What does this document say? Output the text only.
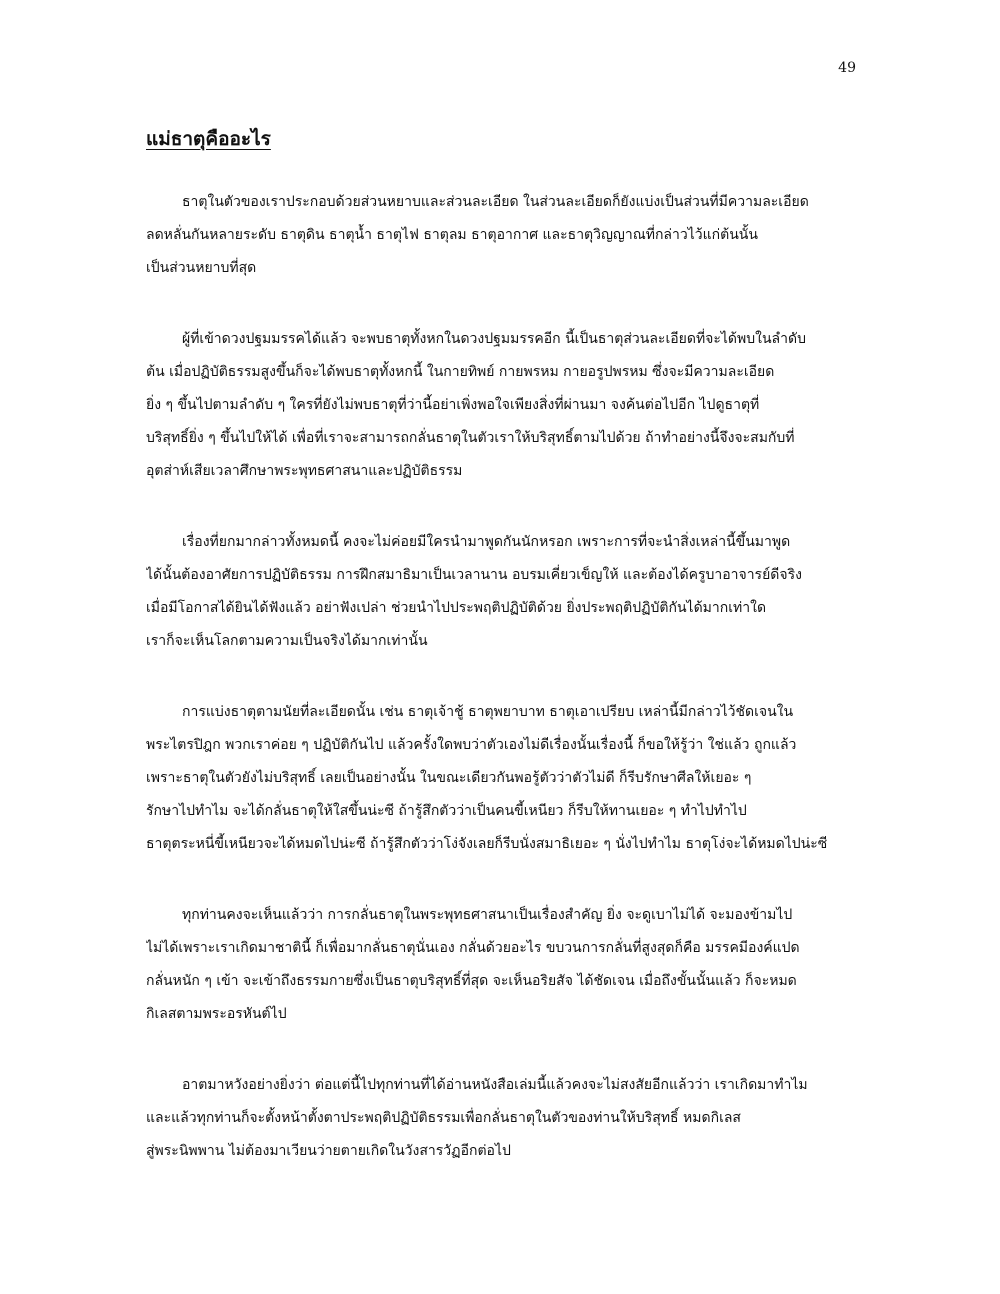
49
แม่ธาตุคืออะไร
ธาตุในตัวของเราประกอบด้วยส่วนหยาบและส่วนละเอียด ในส่วนละเอียดก็ยังแบ่งเป็นส่วนที่มีความละเอียด
ลดหลั่นกันหลายระดับ ธาตุดิน ธาตุน้ำ ธาตุไฟ ธาตุลม ธาตุอากาศ และธาตุวิญญาณที่กล่าวไว้แก่ต้นนั้น
เป็นส่วนหยาบที่สุด
ผู้ที่เข้าดวงปฐมมรรคได้แล้ว จะพบธาตุทั้งหกในดวงปฐมมรรคอีก นี้เป็นธาตุส่วนละเอียดที่จะได้พบในลำดับ
ต้น เมื่อปฏิบัติธรรมสูงขึ้นก็จะได้พบธาตุทั้งหกนี้ ในกายทิพย์ กายพรหม กายอรูปพรหม ซึ่งจะมีความละเอียด
ยิ่ง ๆ ขึ้นไปตามลำดับ ๆ ใครที่ยังไม่พบธาตุที่ว่านี้อย่าเพิ่งพอใจเพียงสิ่งที่ผ่านมา จงค้นต่อไปอีก ไปดูธาตุที่
บริสุทธิ์ยิ่ง ๆ ขึ้นไปให้ได้ เพื่อที่เราจะสามารถกลั่นธาตุในตัวเราให้บริสุทธิ์ตามไปด้วย ถ้าทำอย่างนี้จึงจะสมกับที่
อุตส่าห์เสียเวลาศึกษาพระพุทธศาสนาและปฏิบัติธรรม
เรื่องที่ยกมากล่าวทั้งหมดนี้ คงจะไม่ค่อยมีใครนำมาพูดกันนักหรอก เพราะการที่จะนำสิ่งเหล่านี้ขึ้นมาพูด
ได้นั้นต้องอาศัยการปฏิบัติธรรม การฝึกสมาธิมาเป็นเวลานาน อบรมเคี่ยวเข็ญให้ และต้องได้ครูบาอาจารย์ดีจริง
เมื่อมีโอกาสได้ยินได้ฟังแล้ว อย่าฟังเปล่า ช่วยนำไปประพฤติปฏิบัติด้วย ยิ่งประพฤติปฏิบัติกันได้มากเท่าใด
เราก็จะเห็นโลกตามความเป็นจริงได้มากเท่านั้น
การแบ่งธาตุตามนัยที่ละเอียดนั้น เช่น ธาตุเจ้าชู้ ธาตุพยาบาท ธาตุเอาเปรียบ เหล่านี้มีกล่าวไว้ชัดเจนใน
พระไตรปิฎก พวกเราค่อย ๆ ปฏิบัติกันไป แล้วครั้งใดพบว่าตัวเองไม่ดีเรื่องนั้นเรื่องนี้ ก็ขอให้รู้ว่า ใช่แล้ว ถูกแล้ว
เพราะธาตุในตัวยังไม่บริสุทธิ์ เลยเป็นอย่างนั้น ในขณะเดียวกันพอรู้ตัวว่าตัวไม่ดี ก็รีบรักษาศีลให้เยอะ ๆ
รักษาไปทำไม จะได้กลั่นธาตุให้ใสขึ้นน่ะซี ถ้ารู้สึกตัวว่าเป็นคนขี้เหนียว ก็รีบให้ทานเยอะ ๆ ทำไปทำไป
ธาตุตระหนี่ขี้เหนียวจะได้หมดไปน่ะซี ถ้ารู้สึกตัวว่าโง่จังเลยก็รีบนั่งสมาธิเยอะ ๆ นั่งไปทำไม ธาตุโง่จะได้หมดไปน่ะซี
ทุกท่านคงจะเห็นแล้วว่า การกลั่นธาตุในพระพุทธศาสนาเป็นเรื่องสำคัญ ยิ่ง จะดูเบาไม่ได้ จะมองข้ามไป
ไม่ได้เพราะเราเกิดมาชาตินี้ ก็เพื่อมากลั่นธาตุนั่นเอง กลั่นด้วยอะไร ขบวนการกลั่นที่สูงสุดก็คือ มรรคมีองค์แปด
กลั่นหนัก ๆ เข้า จะเข้าถึงธรรมกายซึ่งเป็นธาตุบริสุทธิ์ที่สุด จะเห็นอริยสัจ ได้ชัดเจน เมื่อถึงขั้นนั้นแล้ว ก็จะหมด
กิเลสตามพระอรหันต์ไป
อาตมาหวังอย่างยิ่งว่า ต่อแต่นี้ไปทุกท่านที่ได้อ่านหนังสือเล่มนี้แล้วคงจะไม่สงสัยอีกแล้วว่า เราเกิดมาทำไม
และแล้วทุกท่านก็จะตั้งหน้าตั้งตาประพฤติปฏิบัติธรรมเพื่อกลั่นธาตุในตัวของท่านให้บริสุทธิ์ หมดกิเลส
สู่พระนิพพาน ไม่ต้องมาเวียนว่ายตายเกิดในวังสารวัฏอีกต่อไป
